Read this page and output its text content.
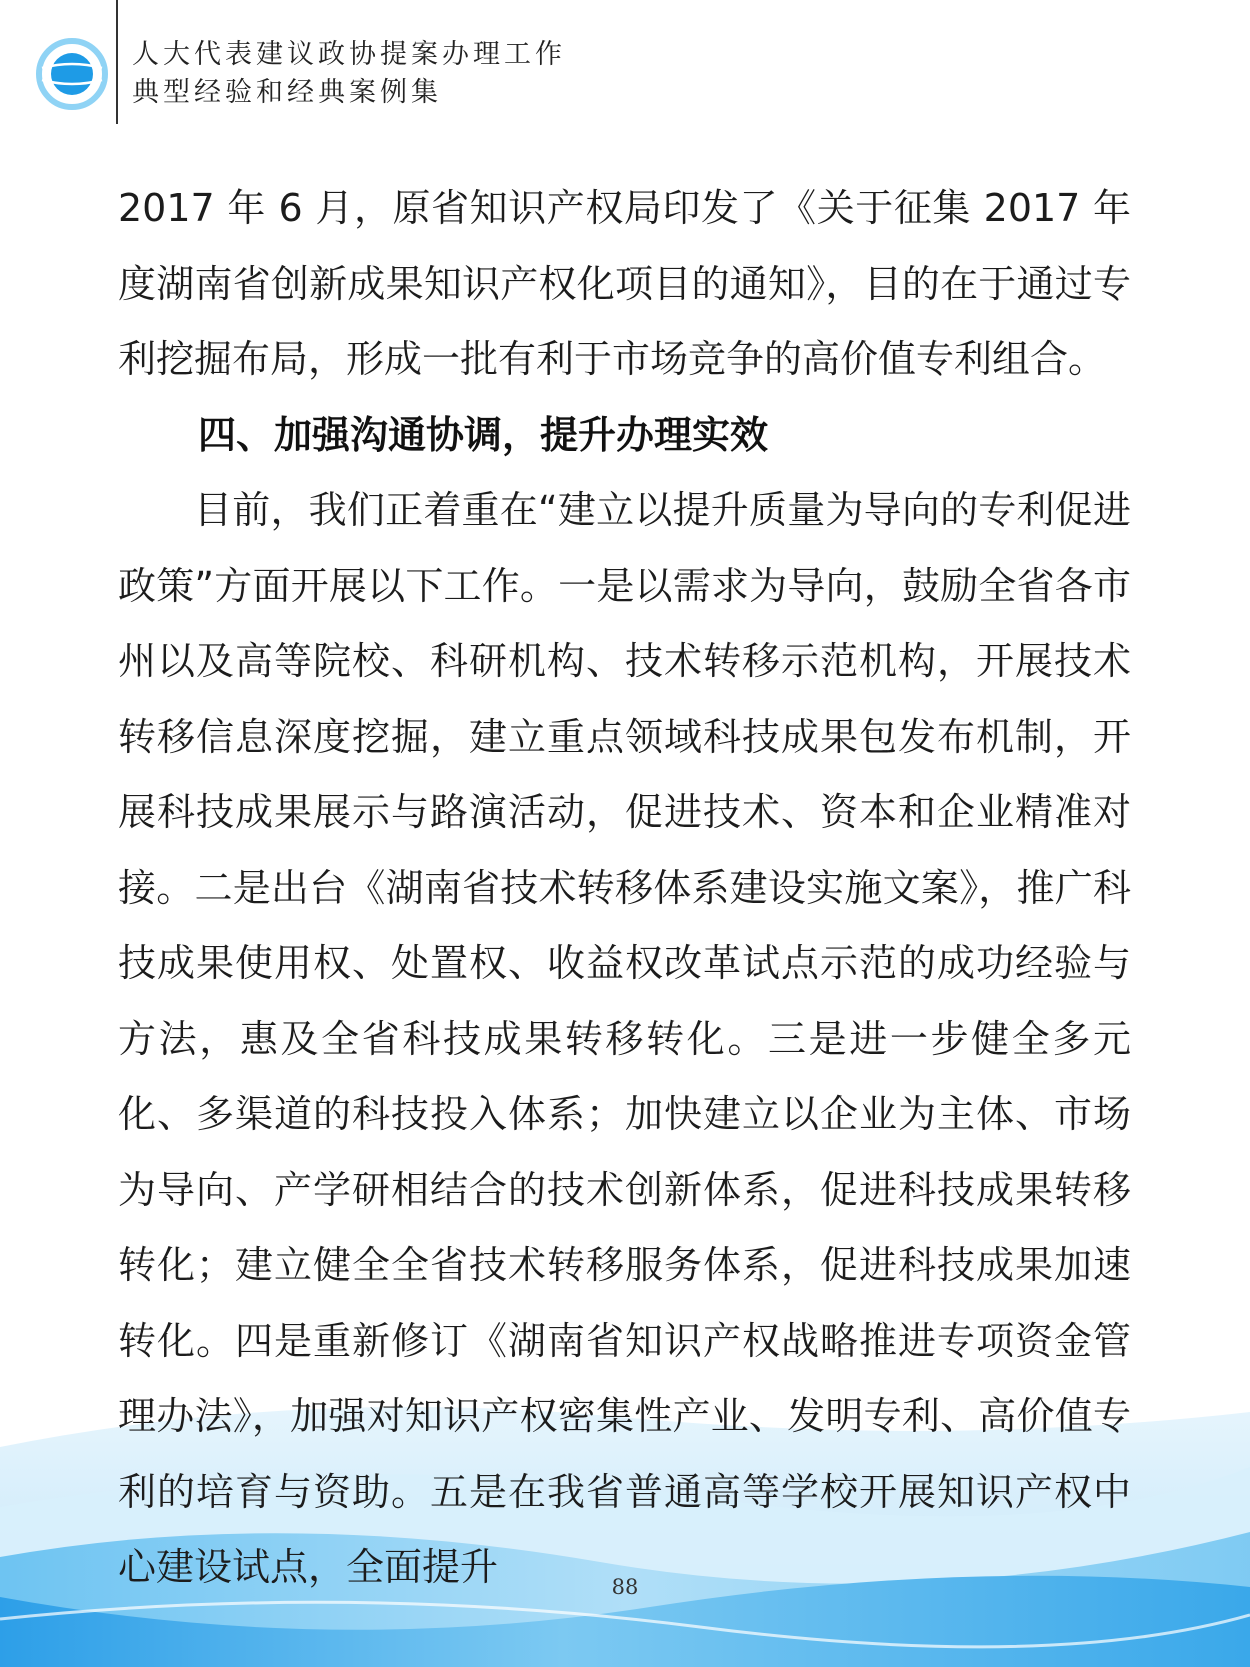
人大代表建议政协提案办理工作
典型经验和经典案例集

2017 年 6 月，原省知识产权局印发了《关于征集 2017 年度湖南省创新成果知识产权化项目的通知》，目的在于通过专利挖掘布局，形成一批有利于市场竞争的高价值专利组合。

四、加强沟通协调，提升办理实效

目前，我们正着重在“建立以提升质量为导向的专利促进政策”方面开展以下工作。一是以需求为导向，鼓励全省各市州以及高等院校、科研机构、技术转移示范机构，开展技术转移信息深度挖掘，建立重点领域科技成果包发布机制，开展科技成果展示与路演活动，促进技术、资本和企业精准对接。二是出台《湖南省技术转移体系建设实施文案》，推广科技成果使用权、处置权、收益权改革试点示范的成功经验与方法，惠及全省科技成果转移转化。三是进一步健全多元化、多渠道的科技投入体系；加快建立以企业为主体、市场为导向、产学研相结合的技术创新体系，促进科技成果转移转化；建立健全全省技术转移服务体系，促进科技成果加速转化。四是重新修订《湖南省知识产权战略推进专项资金管理办法》，加强对知识产权密集性产业、发明专利、高价值专利的培育与资助。五是在我省普通高等学校开展知识产权中心建设试点，全面提升	88
